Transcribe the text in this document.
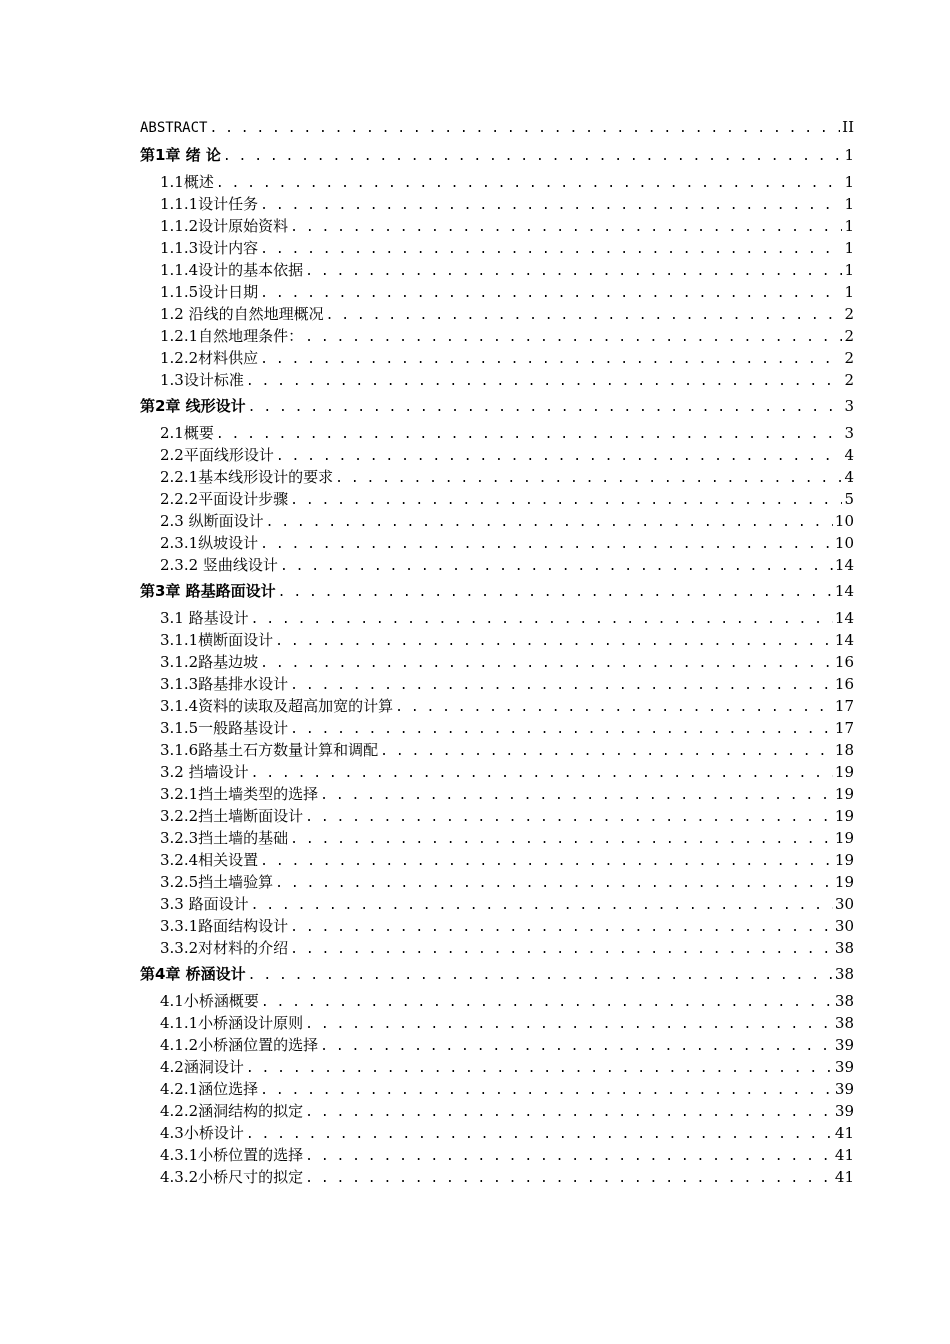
ABSTRACT . . .	II
第1章 绪 论 . . .	1
1.1概述 . . .	1
1.1.1设计任务 . . .	1
1.1.2设计原始资料 . . .	1
1.1.3设计内容 . . .	1
1.1.4设计的基本依据 . . .	1
1.1.5设计日期 . . .	1
1.2 沿线的自然地理概况 . . .	2
1.2.1自然地理条件： . . .	2
1.2.2材料供应 . . .	2
1.3设计标准 . . .	2
第2章 线形设计 . . .	3
2.1概要 . . .	3
2.2平面线形设计 . . .	4
2.2.1基本线形设计的要求 . . .	4
2.2.2平面设计步骤 . . .	5
2.3 纵断面设计 . . .	10
2.3.1纵坡设计 . . .	10
2.3.2 竖曲线设计 . . .	14
第3章 路基路面设计 . . .	14
3.1 路基设计 . . .	14
3.1.1横断面设计 . . .	14
3.1.2路基边坡 . . .	16
3.1.3路基排水设计 . . .	16
3.1.4资料的读取及超高加宽的计算 . . .	17
3.1.5一般路基设计 . . .	17
3.1.6路基土石方数量计算和调配 . . .	18
3.2 挡墙设计 . . .	19
3.2.1挡土墙类型的选择 . . .	19
3.2.2挡土墙断面设计 . . .	19
3.2.3挡土墙的基础 . . .	19
3.2.4相关设置 . . .	19
3.2.5挡土墙验算 . . .	19
3.3 路面设计 . . .	30
3.3.1路面结构设计 . . .	30
3.3.2对材料的介绍 . . .	38
第4章 桥涵设计 . . .	38
4.1小桥涵概要 . . .	38
4.1.1小桥涵设计原则 . . .	38
4.1.2小桥涵位置的选择 . . .	39
4.2涵洞设计 . . .	39
4.2.1涵位选择 . . .	39
4.2.2涵洞结构的拟定 . . .	39
4.3小桥设计 . . .	41
4.3.1小桥位置的选择 . . .	41
4.3.2小桥尺寸的拟定 . . .	41
